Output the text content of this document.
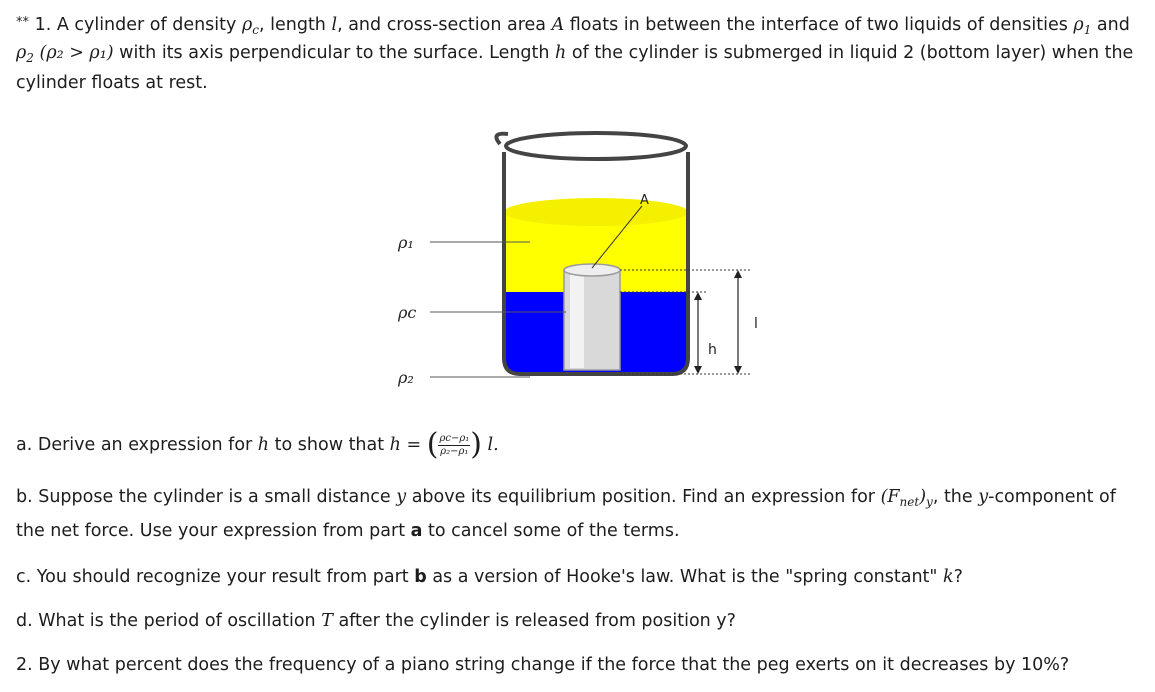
** 1. A cylinder of density $\rho_c$, length l, and cross-section area A floats in between the interface of two liquids of densities $\rho_1$ and
$\rho_2$ (ρ₂ > ρ₁) with its axis perpendicular to the surface. Length h of the cylinder is submerged in liquid 2 (bottom layer) when the
cylinder floats at rest.
A
ρ₁
ρc
ρ₂
h
l
a. Derive an expression for h to show that h = ( $\frac{\text{ρc−ρ₁}}{\text{ρ₂−ρ₁}}$ ) l.
b. Suppose the cylinder is a small distance y above its equilibrium position. Find an expression for $(F_{net})_y$, the y-component of
the net force. Use your expression from part a to cancel some of the terms.
c. You should recognize your result from part b as a version of Hooke's law. What is the "spring constant" k?
d. What is the period of oscillation T after the cylinder is released from position y?
2. By what percent does the frequency of a piano string change if the force that the peg exerts on it decreases by 10%?
